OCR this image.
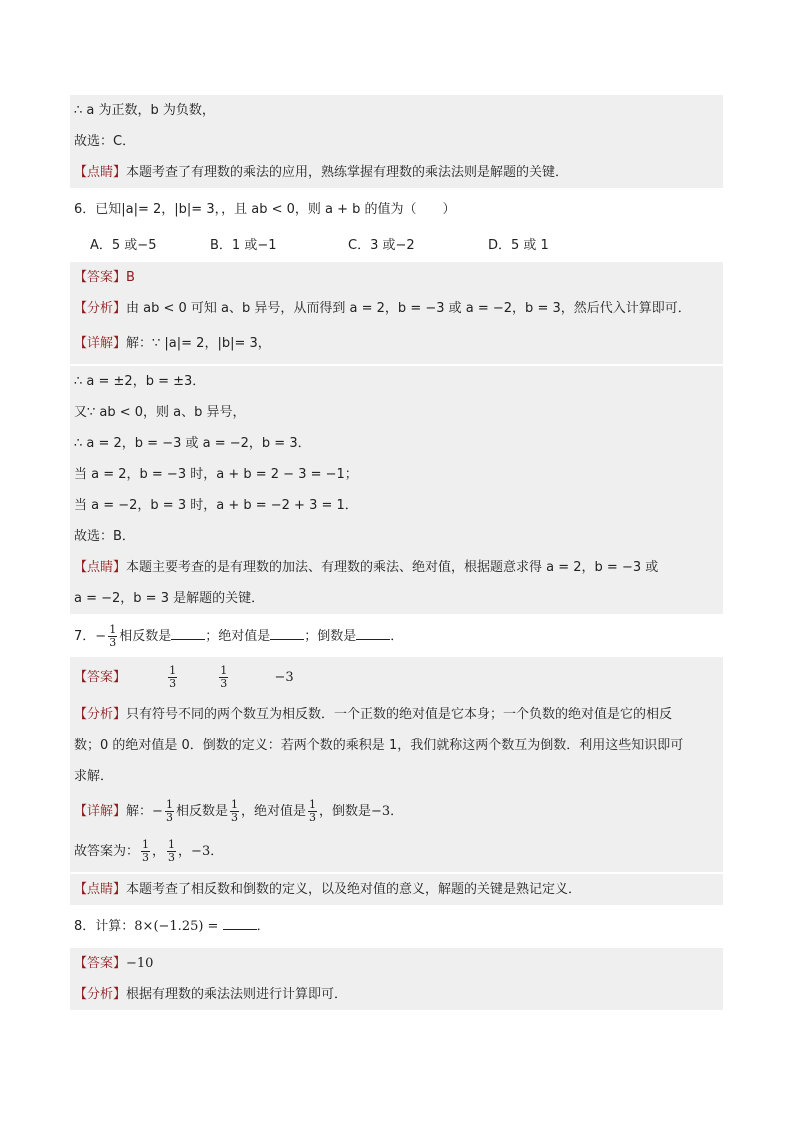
∴ a 为正数，b 为负数，
故选：C．
【点睛】本题考查了有理数的乘法的应用，熟练掌握有理数的乘法法则是解题的关键．
6．已知|a|= 2，|b|= 3，，且 ab < 0，则 a + b 的值为（　　）
A．5 或−5	B．1 或−1	C．3 或−2	D．5 或 1
【答案】B
【分析】由 ab < 0 可知 a、b 异号，从而得到 a = 2，b = −3 或 a = −2，b = 3，然后代入计算即可．
【详解】解：∵ |a|= 2，|b|= 3，
∴ a = ±2，b = ±3．
又∵ ab < 0，则 a、b 异号，
∴ a = 2，b = −3 或 a = −2，b = 3．
当 a = 2，b = −3 时，a + b = 2 − 3 = −1；
当 a = −2，b = 3 时，a + b = −2 + 3 = 1．
故选：B．
【点睛】本题主要考查的是有理数的加法、有理数的乘法、绝对值，根据题意求得 a = 2，b = −3 或
a = −2，b = 3 是解题的关键．
7．− $\frac{1}{3}$ 相反数是	；绝对值是	；倒数是	．
【答案】	$\frac{1}{3}$
	$\frac{1}{3}$	−3
【分析】只有符号不同的两个数互为相反数．一个正数的绝对值是它本身；一个负数的绝对值是它的相反
数；0 的绝对值是 0．倒数的定义：若两个数的乘积是 1，我们就称这两个数互为倒数．利用这些知识即可
求解．
【详解】解：− $\frac{1}{3}$ 相反数是 $\frac{1}{3}$ ，绝对值是 $\frac{1}{3}$ ，倒数是−3．
故答案为： $\frac{1}{3}$ ， $\frac{1}{3}$ ，−3．
【点睛】本题考查了相反数和倒数的定义，以及绝对值的意义，解题的关键是熟记定义．
8．计算：8×(−1.25) =	．
【答案】−10
【分析】根据有理数的乘法法则进行计算即可．
